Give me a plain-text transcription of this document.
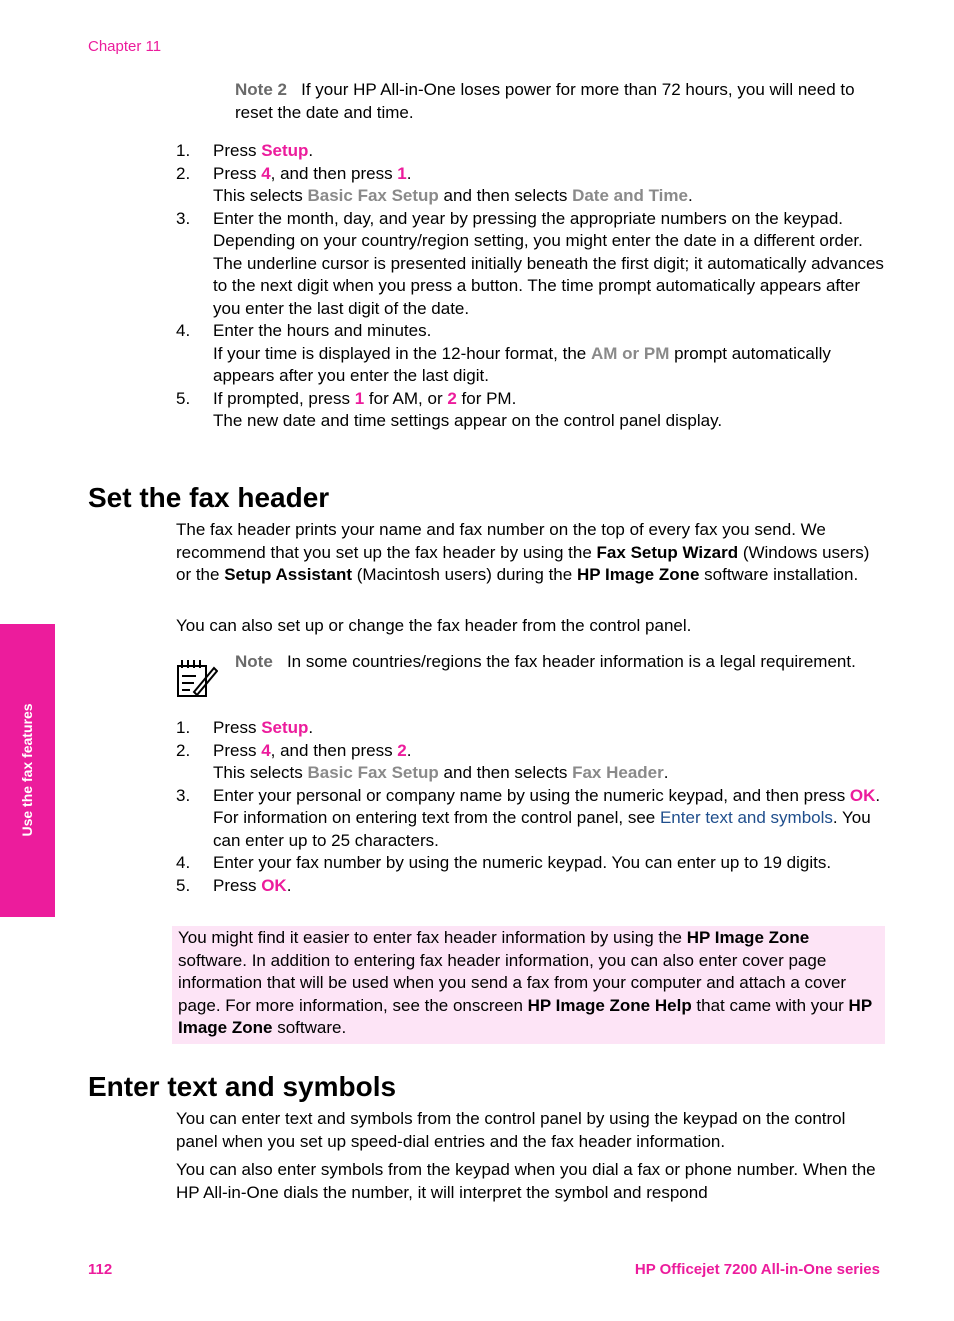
Chapter 11
Note 2 If your HP All-in-One loses power for more than 72 hours, you will need to reset the date and time.
1. Press Setup.
2. Press 4, and then press 1.
This selects Basic Fax Setup and then selects Date and Time.
3. Enter the month, day, and year by pressing the appropriate numbers on the keypad. Depending on your country/region setting, you might enter the date in a different order.
The underline cursor is presented initially beneath the first digit; it automatically advances to the next digit when you press a button. The time prompt automatically appears after you enter the last digit of the date.
4. Enter the hours and minutes.
If your time is displayed in the 12-hour format, the AM or PM prompt automatically appears after you enter the last digit.
5. If prompted, press 1 for AM, or 2 for PM.
The new date and time settings appear on the control panel display.
Set the fax header

The fax header prints your name and fax number on the top of every fax you send. We recommend that you set up the fax header by using the Fax Setup Wizard (Windows users) or the Setup Assistant (Macintosh users) during the HP Image Zone software installation.

You can also set up or change the fax header from the control panel.

Note In some countries/regions the fax header information is a legal requirement.
1. Press Setup.
2. Press 4, and then press 2.
This selects Basic Fax Setup and then selects Fax Header.
3. Enter your personal or company name by using the numeric keypad, and then press OK.
For information on entering text from the control panel, see Enter text and symbols. You can enter up to 25 characters.
4. Enter your fax number by using the numeric keypad. You can enter up to 19 digits.
5. Press OK.
You might find it easier to enter fax header information by using the HP Image Zone software. In addition to entering fax header information, you can also enter cover page information that will be used when you send a fax from your computer and attach a cover page. For more information, see the onscreen HP Image Zone Help that came with your HP Image Zone software.
Enter text and symbols

You can enter text and symbols from the control panel by using the keypad on the control panel when you set up speed-dial entries and the fax header information.

You can also enter symbols from the keypad when you dial a fax or phone number. When the HP All-in-One dials the number, it will interpret the symbol and respond

Use the fax features
112	HP Officejet 7200 All-in-One series
